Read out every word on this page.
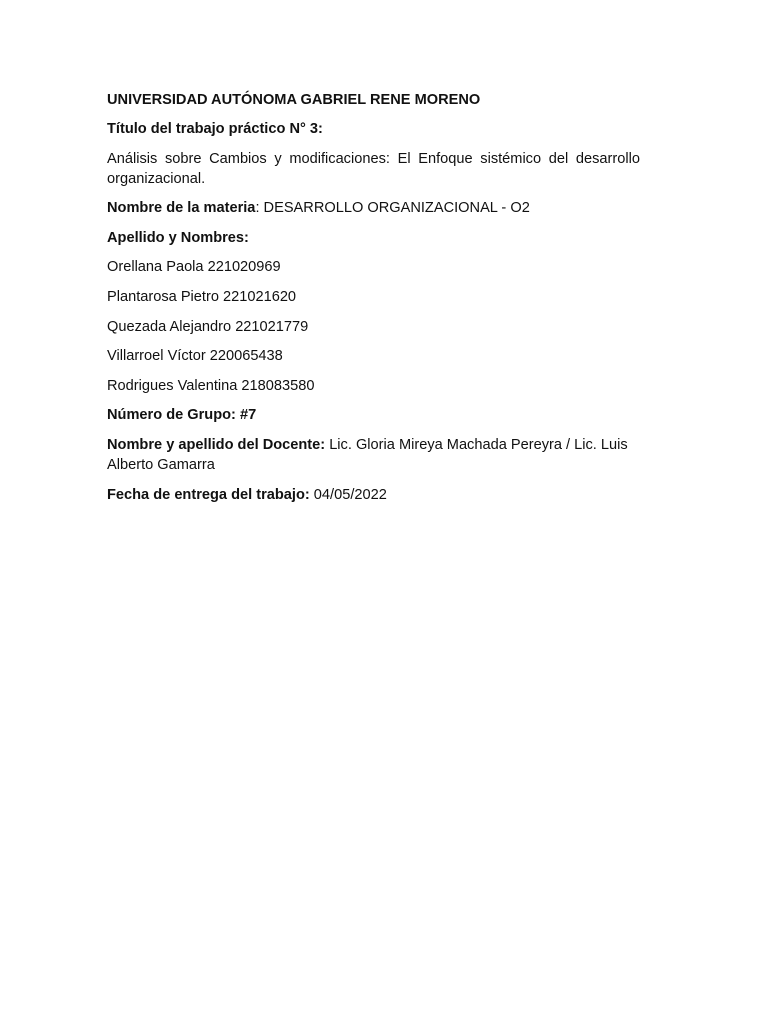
UNIVERSIDAD AUTÓNOMA GABRIEL RENE MORENO

Título del trabajo práctico N° 3:

Análisis sobre Cambios y modificaciones: El Enfoque sistémico del desarrollo organizacional.

Nombre de la materia: DESARROLLO ORGANIZACIONAL - O2

Apellido y Nombres:

Orellana Paola 221020969

Plantarosa Pietro 221021620

Quezada Alejandro 221021779

Villarroel Víctor 220065438

Rodrigues Valentina 218083580

Número de Grupo: #7

Nombre y apellido del Docente: Lic. Gloria Mireya Machada Pereyra / Lic. Luis Alberto Gamarra

Fecha de entrega del trabajo: 04/05/2022
